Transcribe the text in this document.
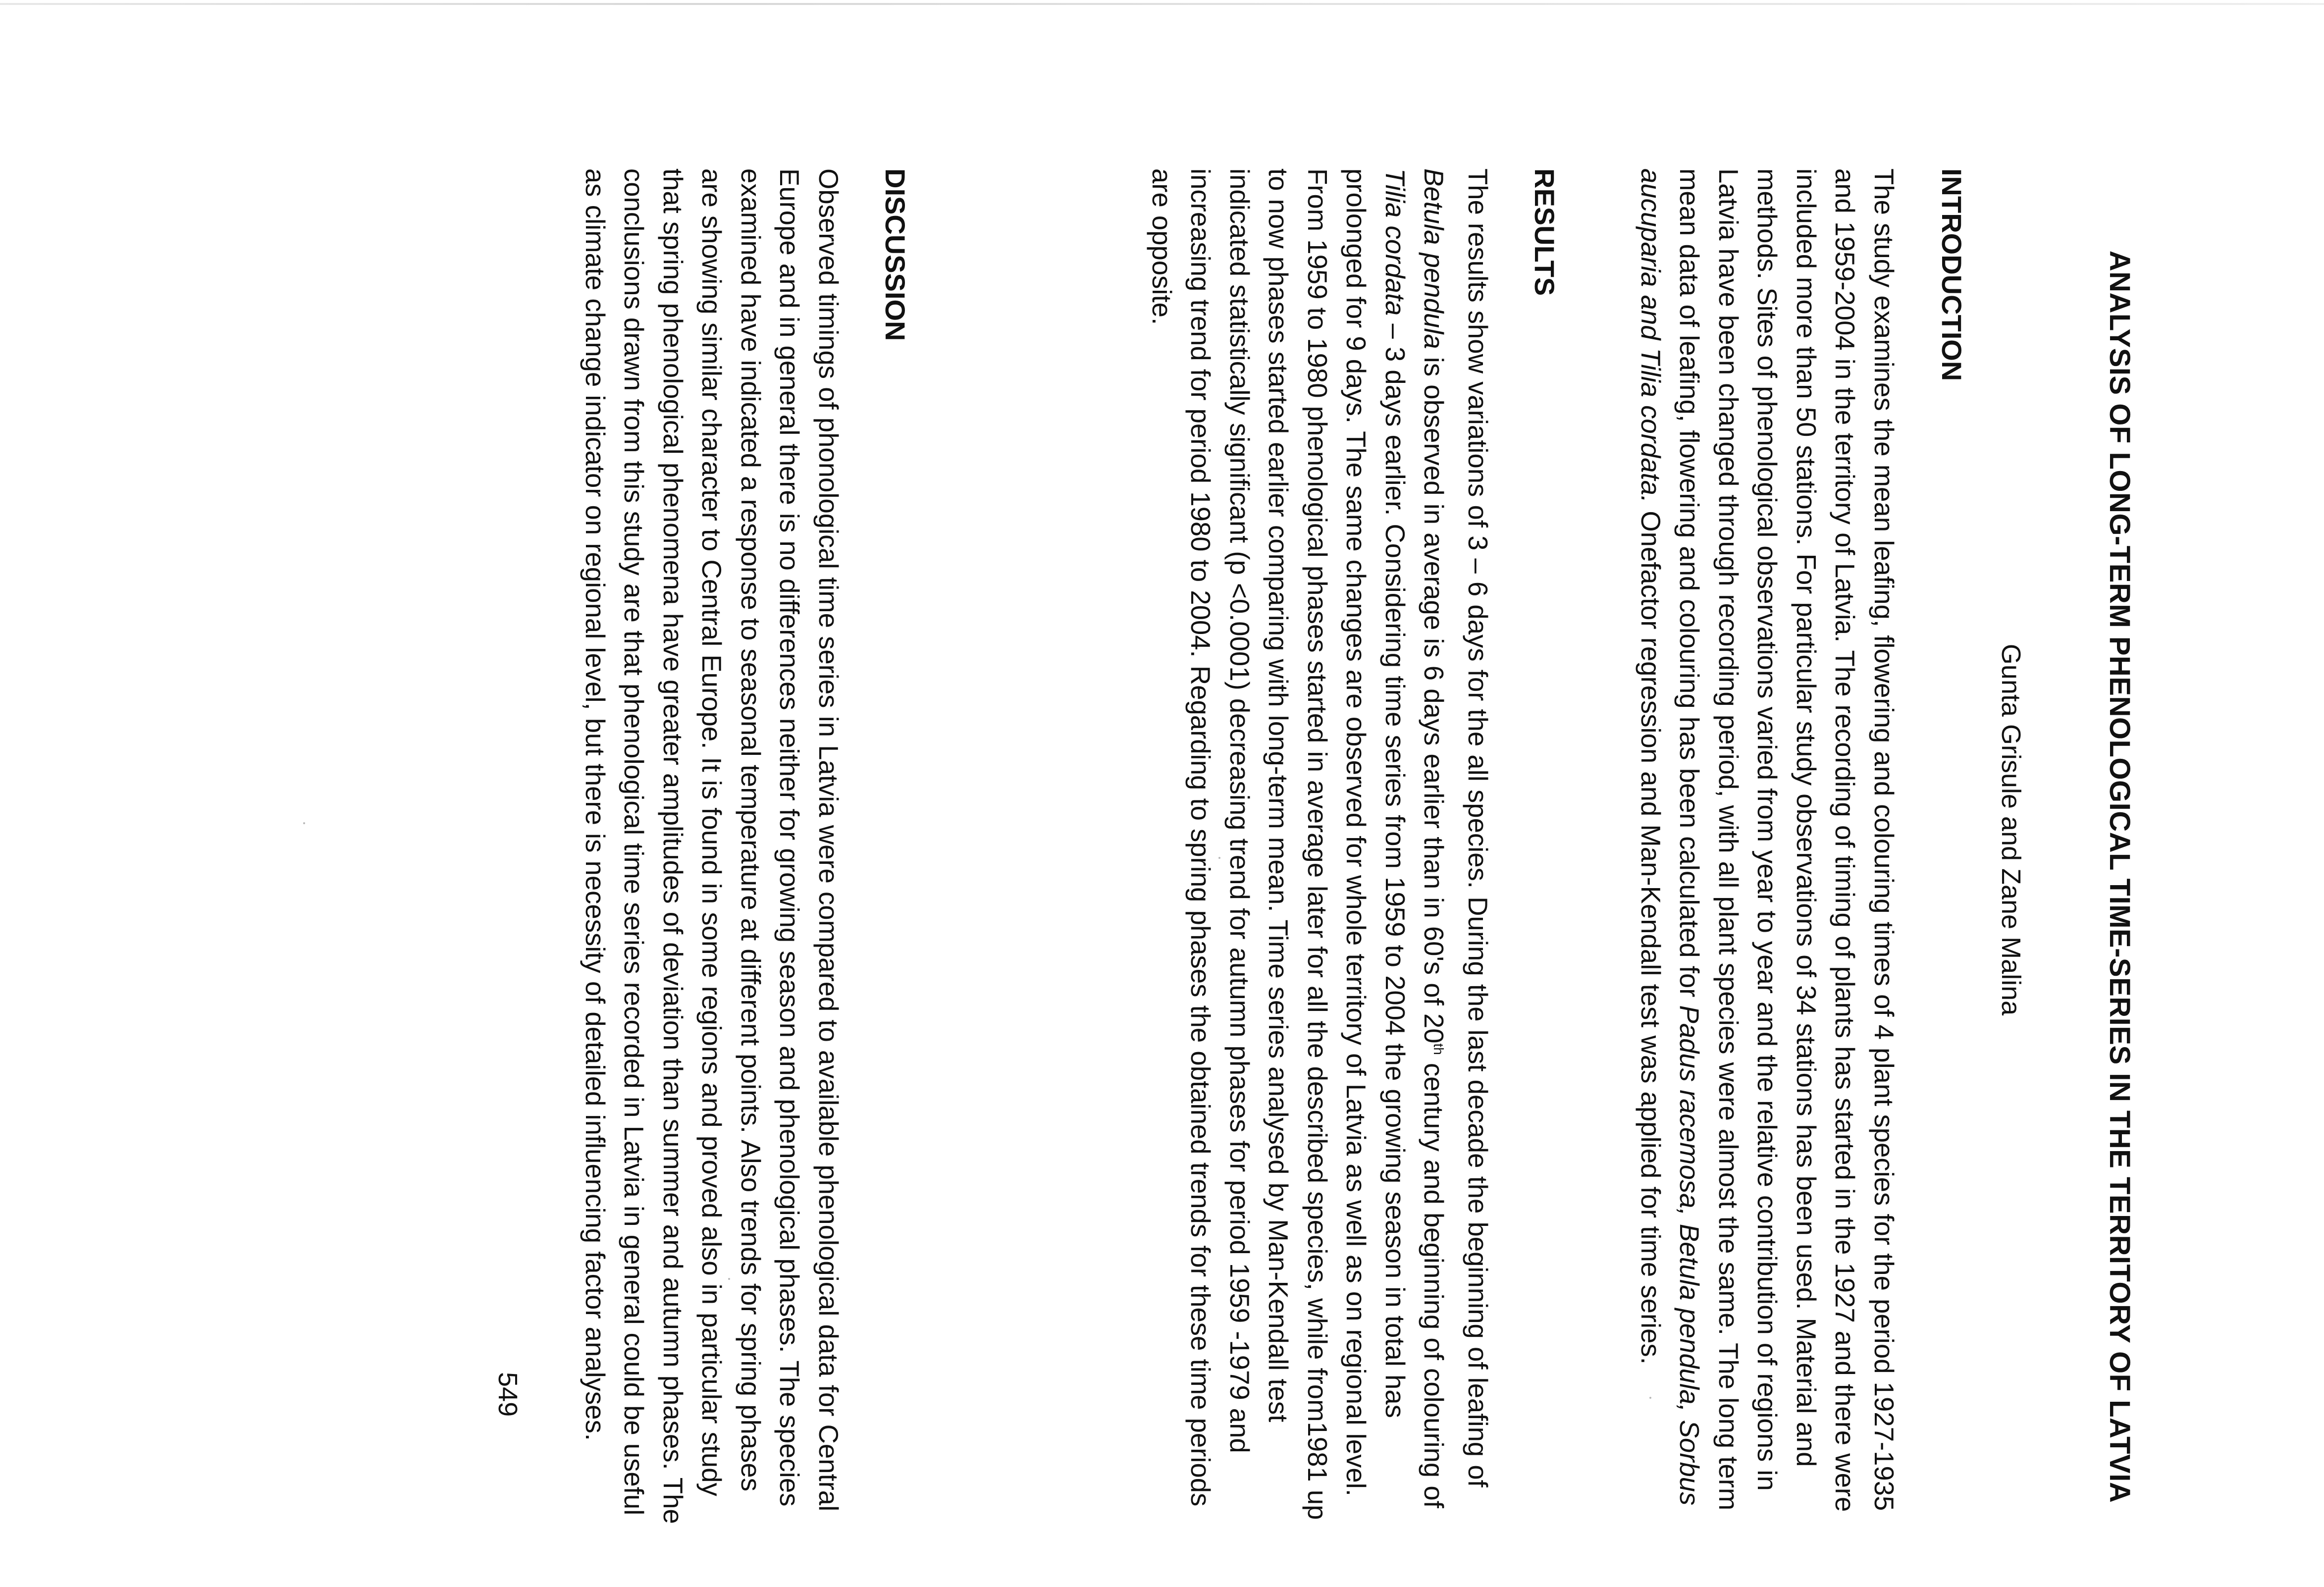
ANALYSIS OF LONG-TERM PHENOLOGICAL TIME-SERIES IN THE TERRITORY OF LATVIA
Gunta Grisule and Zane Malina
INTRODUCTION

The study examines the mean leafing, flowering and colouring times of 4 plant species for the period 1927-1935 and 1959-2004 in the territory of Latvia. The recording of timing of plants has started in the 1927 and there were included more than 50 stations. For particular study observations of 34 stations has been used. Material and methods. Sites of phenological observations varied from year to year and the relative contribution of regions in Latvia have been changed through recording period, with all plant species were almost the same. The long term mean data of leafing, flowering and colouring has been calculated for Padus racemosa, Betula pendula, Sorbus aucuparia and Tilia cordata. Onefactor regression and Man-Kendall test was applied for time series.

RESULTS

The results show variations of 3 – 6 days for the all species. During the last decade the beginning of leafing of Betula pendula is observed in average is 6 days earlier than in 60's of 20th century and beginning of colouring of Tilia cordata – 3 days earlier. Considering time series from 1959 to 2004 the growing season in total has prolonged for 9 days. The same changes are observed for whole territory of Latvia as well as on regional level. From 1959 to 1980 phenological phases started in average later for all the described species, while from1981 up to now phases started earlier comparing with long-term mean. Time series analysed by Man-Kendall test indicated statistically significant (p <0.0001) decreasing trend for autumn phases for period 1959 -1979 and increasing trend for period 1980 to 2004. Regarding to spring phases the obtained trends for these time periods are opposite.

DISCUSSION

Observed timings of phonological time series in Latvia were compared to available phenological data for Central Europe and in general there is no differences neither for growing season and phenological phases. The species examined have indicated a response to seasonal temperature at different points. Also trends for spring phases are showing similar character to Central Europe. It is found in some regions and proved also in particular study that spring phenological phenomena have greater amplitudes of deviation than summer and autumn phases. The conclusions drawn from this study are that phenological time series recorded in Latvia in general could be useful as climate change indicator on regional level, but there is necessity of detailed influencing factor analyses.

549
